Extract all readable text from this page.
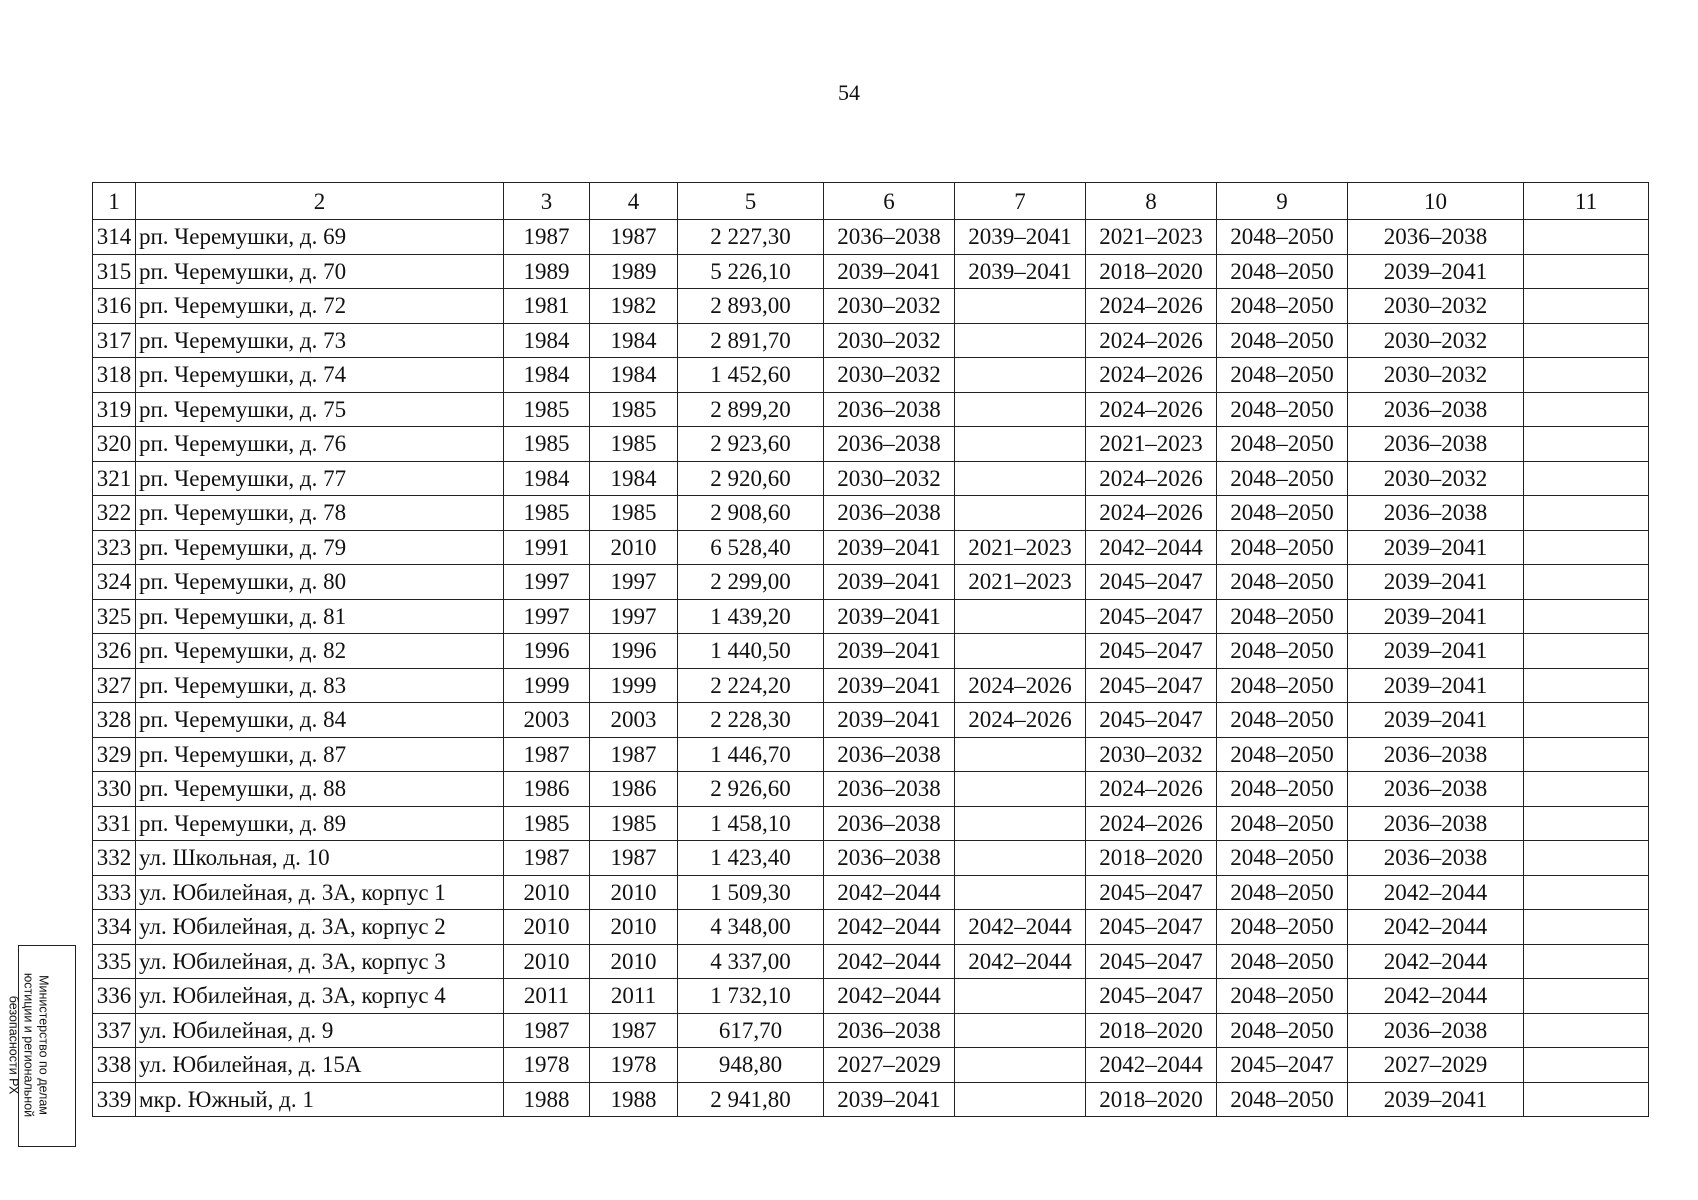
54
1	2	3	4	5	6	7	8	9	10	11
314	рп. Черемушки, д. 69	1987	1987	2 227,30	2036–2038	2039–2041	2021–2023	2048–2050	2036–2038	
315	рп. Черемушки, д. 70	1989	1989	5 226,10	2039–2041	2039–2041	2018–2020	2048–2050	2039–2041	
316	рп. Черемушки, д. 72	1981	1982	2 893,00	2030–2032		2024–2026	2048–2050	2030–2032	
317	рп. Черемушки, д. 73	1984	1984	2 891,70	2030–2032		2024–2026	2048–2050	2030–2032	
318	рп. Черемушки, д. 74	1984	1984	1 452,60	2030–2032		2024–2026	2048–2050	2030–2032	
319	рп. Черемушки, д. 75	1985	1985	2 899,20	2036–2038		2024–2026	2048–2050	2036–2038	
320	рп. Черемушки, д. 76	1985	1985	2 923,60	2036–2038		2021–2023	2048–2050	2036–2038	
321	рп. Черемушки, д. 77	1984	1984	2 920,60	2030–2032		2024–2026	2048–2050	2030–2032	
322	рп. Черемушки, д. 78	1985	1985	2 908,60	2036–2038		2024–2026	2048–2050	2036–2038	
323	рп. Черемушки, д. 79	1991	2010	6 528,40	2039–2041	2021–2023	2042–2044	2048–2050	2039–2041	
324	рп. Черемушки, д. 80	1997	1997	2 299,00	2039–2041	2021–2023	2045–2047	2048–2050	2039–2041	
325	рп. Черемушки, д. 81	1997	1997	1 439,20	2039–2041		2045–2047	2048–2050	2039–2041	
326	рп. Черемушки, д. 82	1996	1996	1 440,50	2039–2041		2045–2047	2048–2050	2039–2041	
327	рп. Черемушки, д. 83	1999	1999	2 224,20	2039–2041	2024–2026	2045–2047	2048–2050	2039–2041	
328	рп. Черемушки, д. 84	2003	2003	2 228,30	2039–2041	2024–2026	2045–2047	2048–2050	2039–2041	
329	рп. Черемушки, д. 87	1987	1987	1 446,70	2036–2038		2030–2032	2048–2050	2036–2038	
330	рп. Черемушки, д. 88	1986	1986	2 926,60	2036–2038		2024–2026	2048–2050	2036–2038	
331	рп. Черемушки, д. 89	1985	1985	1 458,10	2036–2038		2024–2026	2048–2050	2036–2038	
332	ул. Школьная, д. 10	1987	1987	1 423,40	2036–2038		2018–2020	2048–2050	2036–2038	
333	ул. Юбилейная, д. 3А, корпус 1	2010	2010	1 509,30	2042–2044		2045–2047	2048–2050	2042–2044	
334	ул. Юбилейная, д. 3А, корпус 2	2010	2010	4 348,00	2042–2044	2042–2044	2045–2047	2048–2050	2042–2044	
335	ул. Юбилейная, д. 3А, корпус 3	2010	2010	4 337,00	2042–2044	2042–2044	2045–2047	2048–2050	2042–2044	
336	ул. Юбилейная, д. 3А, корпус 4	2011	2011	1 732,10	2042–2044		2045–2047	2048–2050	2042–2044	
337	ул. Юбилейная, д. 9	1987	1987	617,70	2036–2038		2018–2020	2048–2050	2036–2038	
338	ул. Юбилейная, д. 15А	1978	1978	948,80	2027–2029		2042–2044	2045–2047	2027–2029	
339	мкр. Южный, д. 1	1988	1988	2 941,80	2039–2041		2018–2020	2048–2050	2039–2041	
Министерство по делам
юстиции и региональной
безопасности РХ
